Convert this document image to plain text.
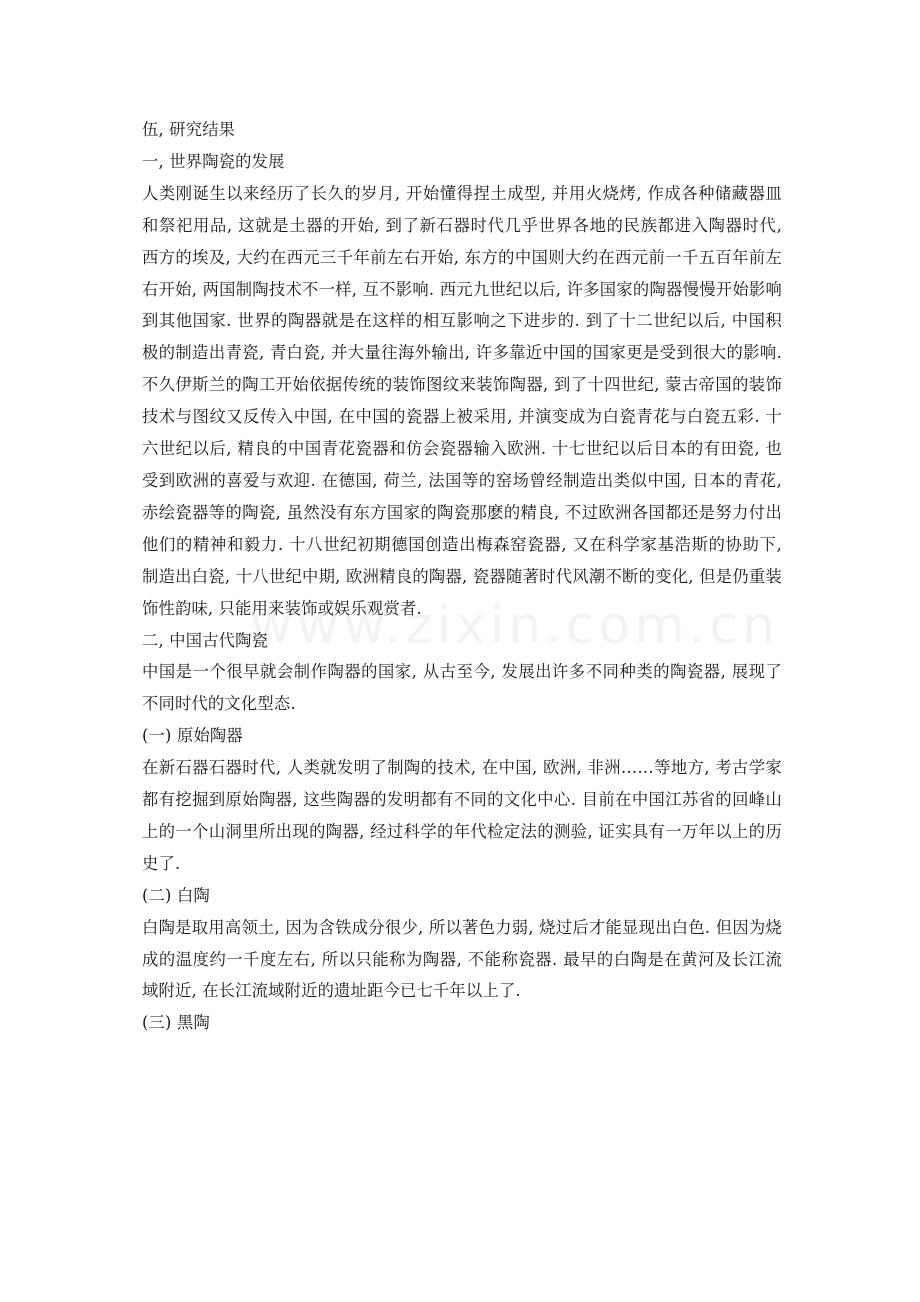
伍, 研究结果

一, 世界陶瓷的发展

人类刚诞生以来经历了长久的岁月, 开始懂得捏土成型, 并用火烧烤, 作成各种储藏器皿和祭祀用品, 这就是土器的开始, 到了新石器时代几乎世界各地的民族都进入陶器时代, 西方的埃及, 大约在西元三千年前左右开始, 东方的中国则大约在西元前一千五百年前左右开始, 两国制陶技术不一样, 互不影响. 西元九世纪以后, 许多国家的陶器慢慢开始影响到其他国家. 世界的陶器就是在这样的相互影响之下进步的. 到了十二世纪以后, 中国积极的制造出青瓷, 青白瓷, 并大量往海外输出, 许多靠近中国的国家更是受到很大的影响. 不久伊斯兰的陶工开始依据传统的装饰图纹来装饰陶器, 到了十四世纪, 蒙古帝国的装饰技术与图纹又反传入中国, 在中国的瓷器上被采用, 并演变成为白瓷青花与白瓷五彩. 十六世纪以后, 精良的中国青花瓷器和仿会瓷器输入欧洲. 十七世纪以后日本的有田瓷, 也受到欧洲的喜爱与欢迎. 在德国, 荷兰, 法国等的窑场曾经制造出类似中国, 日本的青花, 赤绘瓷器等的陶瓷, 虽然没有东方国家的陶瓷那麽的精良, 不过欧洲各国都还是努力付出他们的精神和毅力. 十八世纪初期德国创造出梅森窑瓷器, 又在科学家基浩斯的协助下, 制造出白瓷, 十八世纪中期, 欧洲精良的陶器, 瓷器随著时代风潮不断的变化, 但是仍重装饰性韵味, 只能用来装饰或娱乐观赏者.

二, 中国古代陶瓷

中国是一个很早就会制作陶器的国家, 从古至今, 发展出许多不同种类的陶瓷器, 展现了不同时代的文化型态.

(一) 原始陶器

在新石器石器时代, 人类就发明了制陶的技术, 在中国, 欧洲, 非洲……等地方, 考古学家都有挖掘到原始陶器, 这些陶器的发明都有不同的文化中心. 目前在中国江苏省的回峰山上的一个山洞里所出现的陶器, 经过科学的年代检定法的测验, 证实具有一万年以上的历史了.

(二) 白陶

白陶是取用高领土, 因为含铁成分很少, 所以著色力弱, 烧过后才能显现出白色. 但因为烧成的温度约一千度左右, 所以只能称为陶器, 不能称瓷器. 最早的白陶是在黄河及长江流域附近, 在长江流域附近的遗址距今已七千年以上了.

(三) 黑陶
